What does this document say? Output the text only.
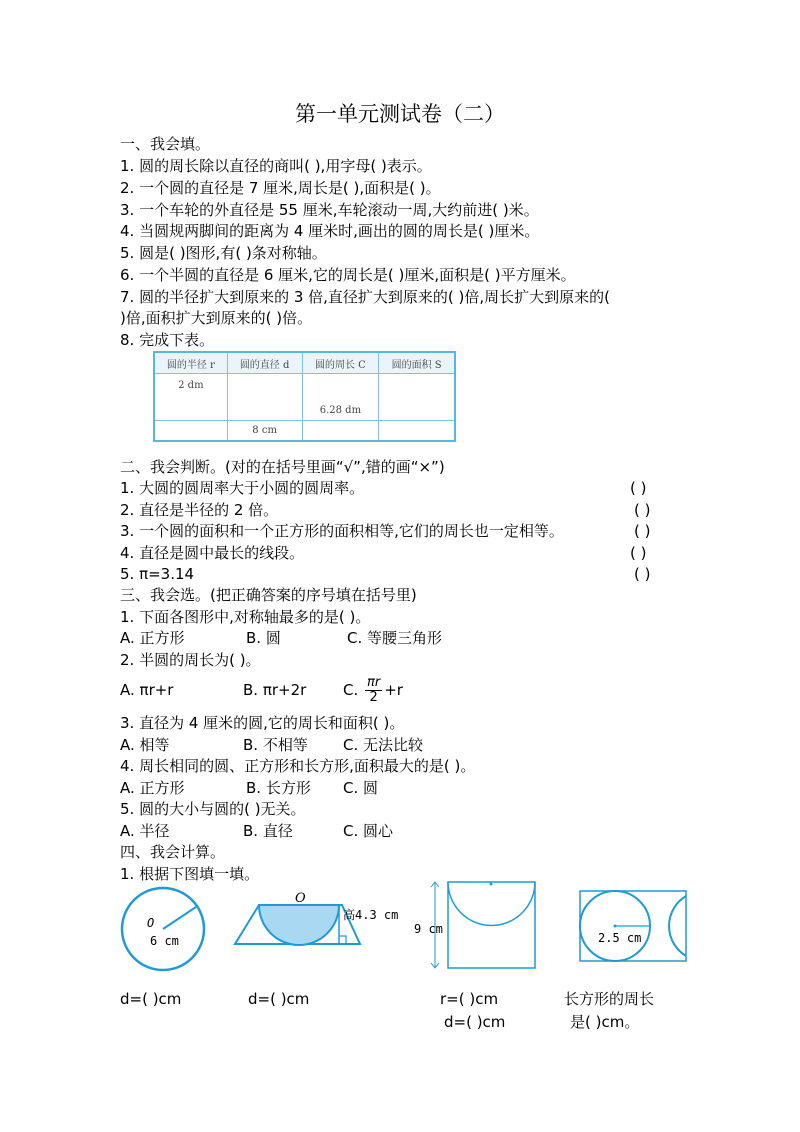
第一单元测试卷（二）
一、我会填。
1. 圆的周长除以直径的商叫( ),用字母( )表示。
2. 一个圆的直径是 7 厘米,周长是( ),面积是( )。
3. 一个车轮的外直径是 55 厘米,车轮滚动一周,大约前进( )米。
4. 当圆规两脚间的距离为 4 厘米时,画出的圆的周长是( )厘米。
5. 圆是( )图形,有( )条对称轴。
6. 一个半圆的直径是 6 厘米,它的周长是( )厘米,面积是( )平方厘米。
7. 圆的半径扩大到原来的 3 倍,直径扩大到原来的( )倍,周长扩大到原来的(
)倍,面积扩大到原来的( )倍。
8. 完成下表。
圆的半径 r	圆的直径 d	圆的周长 C	圆的面积 S
2 dm		6.28 dm	
	8 cm		
二、我会判断。(对的在括号里画“√”,错的画“×”)
1. 大圆的圆周率大于小圆的圆周率。	( )
2. 直径是半径的 2 倍。	( )
3. 一个圆的面积和一个正方形的面积相等,它们的周长也一定相等。	( )
4. 直径是圆中最长的线段。	( )
5. π=3.14	( )
三、我会选。(把正确答案的序号填在括号里)
1. 下面各图形中,对称轴最多的是( )。
A. 正方形	B. 圆	C. 等腰三角形
2. 半圆的周长为( )。
A. πr+r	B. πr+2r C. $\frac{\pi r}{2} +r$
3. 直径为 4 厘米的圆,它的周长和面积( )。
A. 相等	B. 不相等 C. 无法比较
4. 周长相同的圆、正方形和长方形,面积最大的是( )。
A. 正方形	B. 长方形 C. 圆
5. 圆的大小与圆的( )无关。
A. 半径	B. 直径	C. 圆心
四、我会计算。
1. 根据下图填一填。
O
6 cm
O
高4.3 cm
9 cm
2.5 cm
d=( )cm	d=( )cm	r=( )cm
d=( )cm
长方形的周长
是( )cm。
